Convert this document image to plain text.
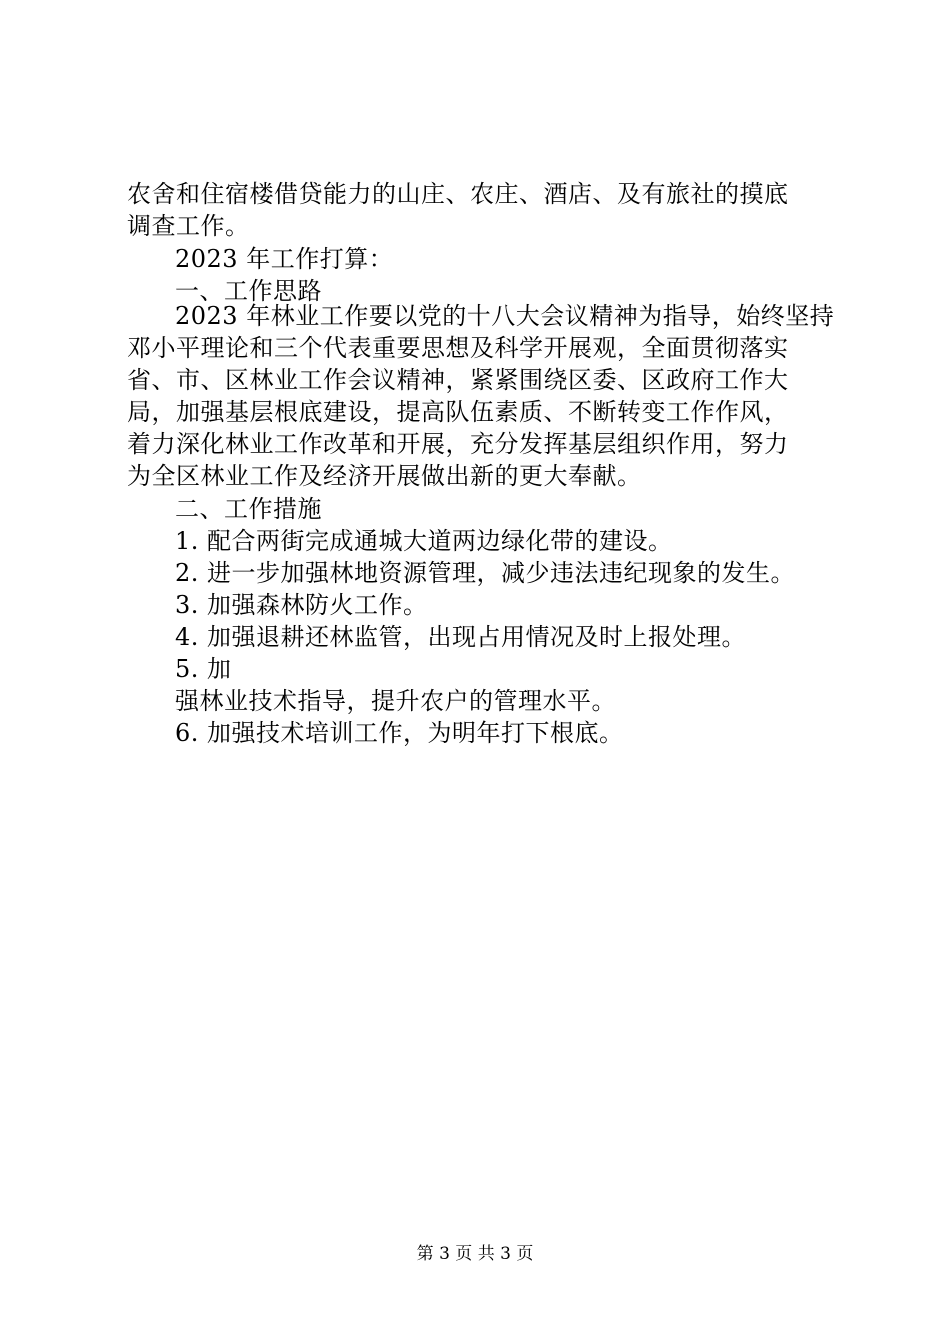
农舍和住宿楼借贷能力的山庄、农庄、酒店、及有旅社的摸底
调查工作。
2023 年工作打算：
一、工作思路
2023 年林业工作要以党的十八大会议精神为指导，始终坚持
邓小平理论和三个代表重要思想及科学开展观，全面贯彻落实
省、市、区林业工作会议精神，紧紧围绕区委、区政府工作大
局，加强基层根底建设，提高队伍素质、不断转变工作作风，
着力深化林业工作改革和开展，充分发挥基层组织作用，努力
为全区林业工作及经济开展做出新的更大奉献。
二、工作措施
1. 配合两街完成通城大道两边绿化带的建设。
2. 进一步加强林地资源管理，减少违法违纪现象的发生。
3. 加强森林防火工作。
4. 加强退耕还林监管，出现占用情况及时上报处理。
5. 加
强林业技术指导，提升农户的管理水平。
6. 加强技术培训工作，为明年打下根底。
第 3 页 共 3 页
